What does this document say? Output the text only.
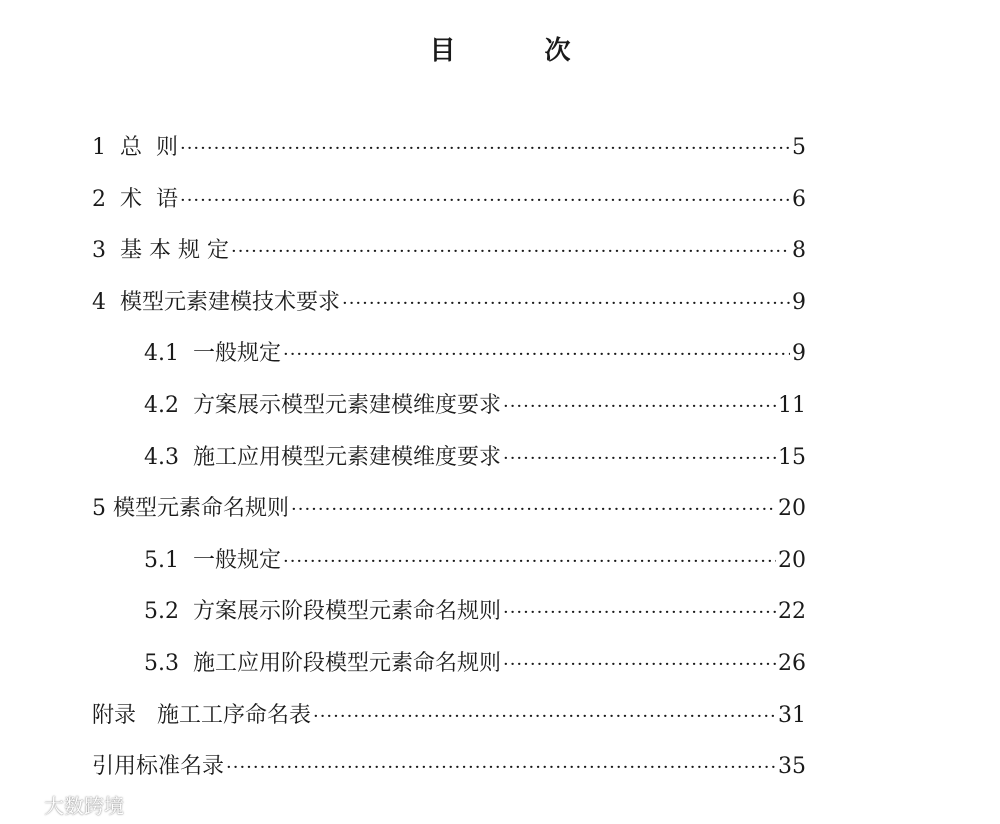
目 次
1  总  则 ·····	5
2  术  语 ·····	6
3  基 本 规 定 ·····	8
4  模型元素建模技术要求 ·····	9
4.1  一般规定 ·····	9
4.2  方案展示模型元素建模维度要求 ·····	11
4.3  施工应用模型元素建模维度要求 ·····	15
5 模型元素命名规则 ·····	20
5.1  一般规定 ·····	20
5.2  方案展示阶段模型元素命名规则 ·····	22
5.3  施工应用阶段模型元素命名规则 ·····	26
附录   施工工序命名表 ·····	31
引用标准名录 ·····	35
大数跨境
